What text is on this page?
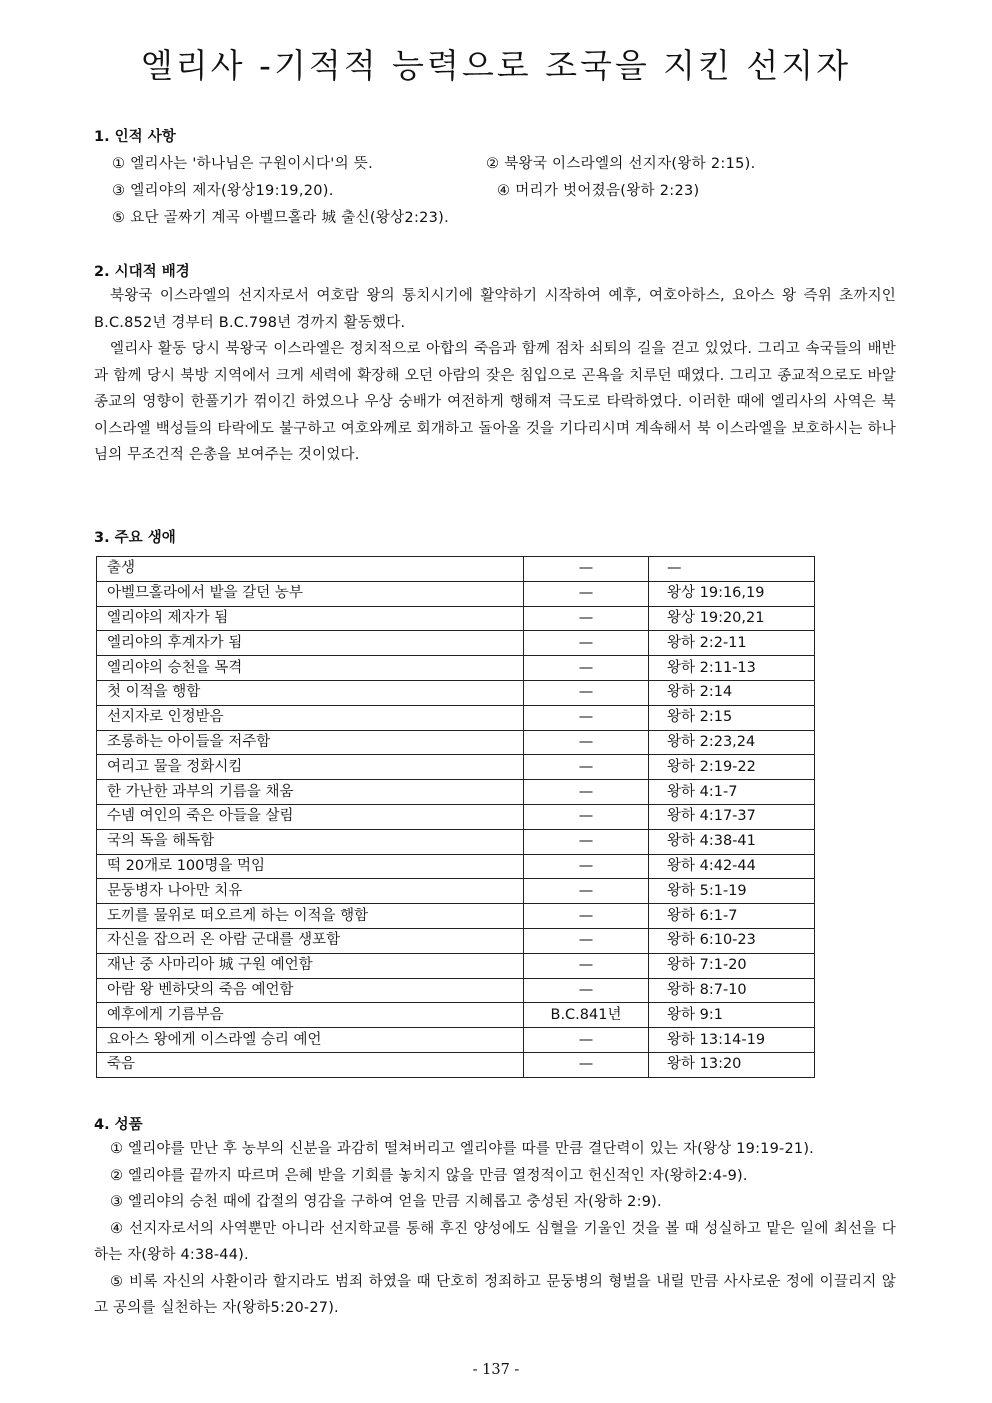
엘리사 -기적적 능력으로 조국을 지킨 선지자
1. 인적 사항
① 엘리사는 '하나님은 구원이시다'의 뜻.	② 북왕국 이스라엘의 선지자(왕하 2:15).
③ 엘리야의 제자(왕상19:19,20).	④ 머리가 벗어졌음(왕하 2:23)
⑤ 요단 골짜기 계곡 아벨므홀라 城 출신(왕상2:23).
2. 시대적 배경

북왕국 이스라엘의 선지자로서 여호람 왕의 통치시기에 활약하기 시작하여 예후, 여호아하스, 요아스 왕 즉위 초까지인 B.C.852년 경부터 B.C.798년 경까지 활동했다.

엘리사 활동 당시 북왕국 이스라엘은 정치적으로 아합의 죽음과 함께 점차 쇠퇴의 길을 걷고 있었다. 그리고 속국들의 배반과 함께 당시 북방 지역에서 크게 세력에 확장해 오던 아람의 잦은 침입으로 곤욕을 치루던 때였다. 그리고 종교적으로도 바알 종교의 영향이 한풀기가 꺾이긴 하였으나 우상 숭배가 여전하게 행해져 극도로 타락하였다. 이러한 때에 엘리사의 사역은 북 이스라엘 백성들의 타락에도 불구하고 여호와께로 회개하고 돌아올 것을 기다리시며 계속해서 북 이스라엘을 보호하시는 하나님의 무조건적 은총을 보여주는 것이었다.

3. 주요 생애
출생	—	—
아벨므홀라에서 밭을 갈던 농부	—	왕상 19:16,19
엘리야의 제자가 됨	—	왕상 19:20,21
엘리야의 후계자가 됨	—	왕하 2:2-11
엘리야의 승천을 목격	—	왕하 2:11-13
첫 이적을 행함	—	왕하 2:14
선지자로 인정받음	—	왕하 2:15
조롱하는 아이들을 저주함	—	왕하 2:23,24
여리고 물을 정화시킴	—	왕하 2:19-22
한 가난한 과부의 기름을 채움	—	왕하 4:1-7
수넴 여인의 죽은 아들을 살림	—	왕하 4:17-37
국의 독을 해독함	—	왕하 4:38-41
떡 20개로 100명을 먹임	—	왕하 4:42-44
문둥병자 나아만 치유	—	왕하 5:1-19
도끼를 물위로 떠오르게 하는 이적을 행함	—	왕하 6:1-7
자신을 잡으러 온 아람 군대를 생포함	—	왕하 6:10-23
재난 중 사마리아 城 구원 예언함	—	왕하 7:1-20
아람 왕 벤하닷의 죽음 예언함	—	왕하 8:7-10
예후에게 기름부음	B.C.841년	왕하 9:1
요아스 왕에게 이스라엘 승리 예언	—	왕하 13:14-19
죽음	—	왕하 13:20
4. 성품

① 엘리야를 만난 후 농부의 신분을 과감히 떨쳐버리고 엘리야를 따를 만큼 결단력이 있는 자(왕상 19:19-21).

② 엘리야를 끝까지 따르며 은혜 받을 기회를 놓치지 않을 만큼 열정적이고 헌신적인 자(왕하2:4-9).

③ 엘리야의 승천 때에 갑절의 영감을 구하여 얻을 만큼 지혜롭고 충성된 자(왕하 2:9).

④ 선지자로서의 사역뿐만 아니라 선지학교를 통해 후진 양성에도 심혈을 기울인 것을 볼 때 성실하고 맡은 일에 최선을 다하는 자(왕하 4:38-44).

⑤ 비록 자신의 사환이라 할지라도 범죄 하였을 때 단호히 정죄하고 문둥병의 형벌을 내릴 만큼 사사로운 정에 이끌리지 않고 공의를 실천하는 자(왕하5:20-27).

- 137 -
